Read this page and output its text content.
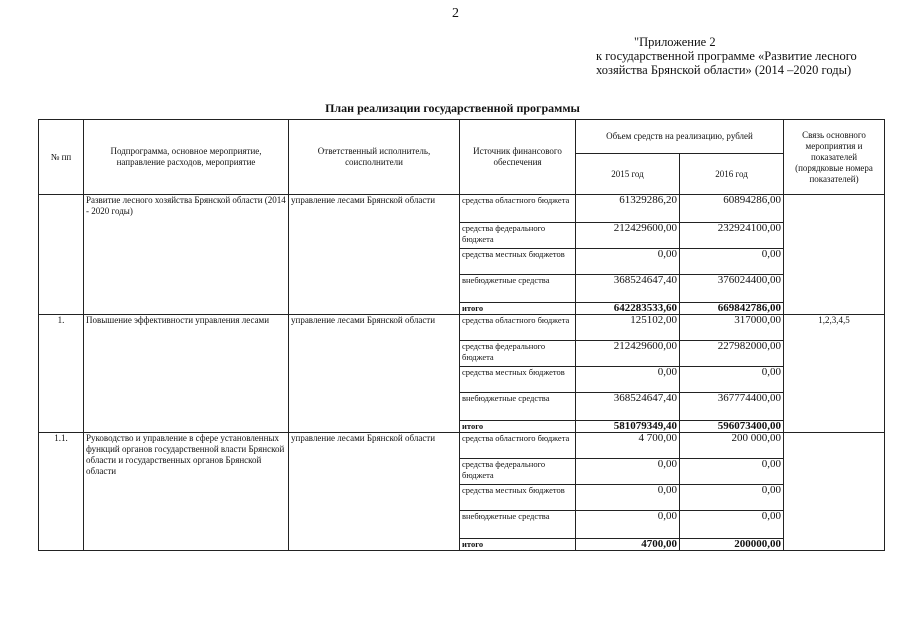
2
"Приложение 2
к государственной программе «Развитие лесного
хозяйства Брянской области» (2014 –2020 годы)
План реализации государственной программы
№ пп	Подпрограмма, основное мероприятие, направление расходов, мероприятие	Ответственный исполнитель, соисполнители	Источник финансового обеспечения	Объем средств на реализацию, рублей		Связь основного мероприятия и показателей (порядковые номера показателей)
				2015 год	2016 год	
	Развитие лесного хозяйства Брянской области (2014 - 2020 годы)	управление лесами Брянской области	средства областного бюджета	61329286,20	60894286,00	
			средства федерального бюджета	212429600,00	232924100,00	
			средства местных бюджетов	0,00	0,00	
			внебюджетные средства	368524647,40	376024400,00	
			итого	642283533,60	669842786,00	
1.	Повышение эффективности управления лесами	управление лесами Брянской области	средства областного бюджета	125102,00	317000,00	1,2,3,4,5
			средства федерального бюджета	212429600,00	227982000,00	
			средства местных бюджетов	0,00	0,00	
			внебюджетные средства	368524647,40	367774400,00	
			итого	581079349,40	596073400,00	
1.1.	Руководство и управление в сфере установленных функций органов государственной власти Брянской области и государственных органов Брянской области	управление лесами Брянской области	средства областного бюджета	4 700,00	200 000,00	
			средства федерального бюджета	0,00	0,00	
			средства местных бюджетов	0,00	0,00	
			внебюджетные средства	0,00	0,00	
			итого	4700,00	200000,00	
